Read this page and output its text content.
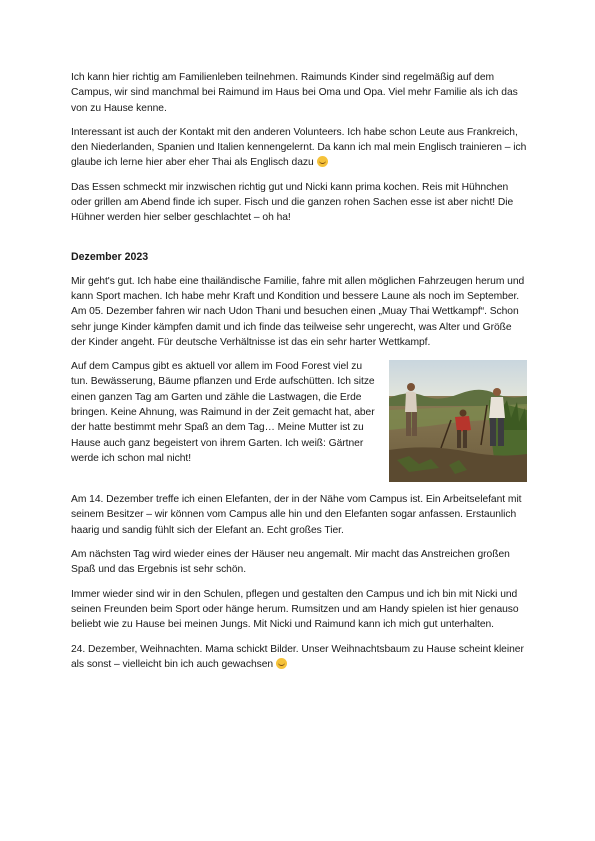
Ich kann hier richtig am Familienleben teilnehmen. Raimunds Kinder sind regelmäßig auf dem Campus, wir sind manchmal bei Raimund im Haus bei Oma und Opa. Viel mehr Familie als ich das von zu Hause kenne.

Interessant ist auch der Kontakt mit den anderen Volunteers. Ich habe schon Leute aus Frankreich, den Niederlanden, Spanien und Italien kennengelernt. Da kann ich mal mein Englisch trainieren – ich glaube ich lerne hier aber eher Thai als Englisch dazu

Das Essen schmeckt mir inzwischen richtig gut und Nicki kann prima kochen. Reis mit Hühnchen oder grillen am Abend finde ich super. Fisch und die ganzen rohen Sachen esse ist aber nicht! Die Hühner werden hier selber geschlachtet – oh ha!

Dezember 2023

Mir geht's gut. Ich habe eine thailändische Familie, fahre mit allen möglichen Fahrzeugen herum und kann Sport machen. Ich habe mehr Kraft und Kondition und bessere Laune als noch im September. Am 05. Dezember fahren wir nach Udon Thani und besuchen einen „Muay Thai Wettkampf“. Schon sehr junge Kinder kämpfen damit und ich finde das teilweise sehr ungerecht, was Alter und Größe der Kinder angeht. Für deutsche Verhältnisse ist das ein sehr harter Wettkampf.

Auf dem Campus gibt es aktuell vor allem im Food Forest viel zu tun. Bewässerung, Bäume pflanzen und Erde aufschütten. Ich sitze einen ganzen Tag am Garten und zähle die Lastwagen, die Erde bringen. Keine Ahnung, was Raimund in der Zeit gemacht hat, aber der hatte bestimmt mehr Spaß an dem Tag… Meine Mutter ist zu Hause auch ganz begeistert von ihrem Garten. Ich weiß: Gärtner werde ich schon mal nicht!

Am 14. Dezember treffe ich einen Elefanten, der in der Nähe vom Campus ist. Ein Arbeitselefant mit seinem Besitzer – wir können vom Campus alle hin und den Elefanten sogar anfassen. Erstaunlich haarig und sandig fühlt sich der Elefant an. Echt großes Tier.

Am nächsten Tag wird wieder eines der Häuser neu angemalt. Mir macht das Anstreichen großen Spaß und das Ergebnis ist sehr schön.

Immer wieder sind wir in den Schulen, pflegen und gestalten den Campus und ich bin mit Nicki und seinen Freunden beim Sport oder hänge herum. Rumsitzen und am Handy spielen ist hier genauso beliebt wie zu Hause bei meinen Jungs. Mit Nicki und Raimund kann ich mich gut unterhalten.

24. Dezember, Weihnachten. Mama schickt Bilder. Unser Weihnachtsbaum zu Hause scheint kleiner als sonst – vielleicht bin ich auch gewachsen
